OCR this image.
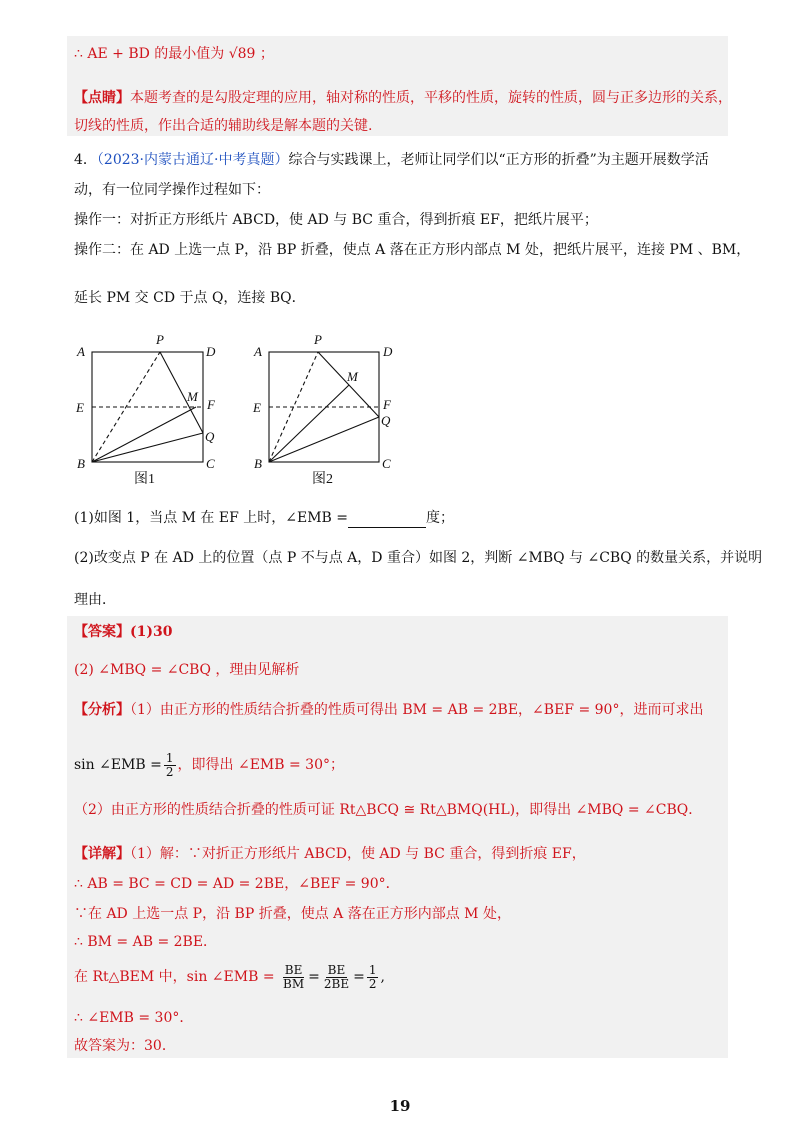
∴ AE + BD 的最小值为 √89 ；
【点睛】本题考查的是勾股定理的应用，轴对称的性质，平移的性质，旋转的性质，圆与正多边形的关系，
切线的性质，作出合适的辅助线是解本题的关键.
4．（2023·内蒙古通辽·中考真题）综合与实践课上，老师让同学们以“正方形的折叠”为主题开展数学活
动，有一位同学操作过程如下：
操作一：对折正方形纸片 ABCD，使 AD 与 BC 重合，得到折痕 EF，把纸片展平；
操作二：在 AD 上选一点 P，沿 BP 折叠，使点 A 落在正方形内部点 M 处，把纸片展平，连接 PM 、BM，
延长 PM 交 CD 于点 Q，连接 BQ．
A
P
D
E
M
F
Q
B	C
图1
A
P
D
E
M
F
Q
B	C
图2
(1)如图 1，当点 M 在 EF 上时，∠EMB =	度；
(2)改变点 P 在 AD 上的位置（点 P 不与点 A，D 重合）如图 2，判断 ∠MBQ 与 ∠CBQ 的数量关系，并说明
理由．
【答案】(1)30
(2) ∠MBQ = ∠CBQ ，理由见解析
【分析】（1）由正方形的性质结合折叠的性质可得出 BM = AB = 2BE，∠BEF = 90°，进而可求出
sin ∠EMB = $\frac{1}{2}$ ，即得出 ∠EMB = 30°；
（2）由正方形的性质结合折叠的性质可证 Rt△BCQ ≅ Rt△BMQ(HL)，即得出 ∠MBQ = ∠CBQ．
【详解】（1）解：∵对折正方形纸片 ABCD，使 AD 与 BC 重合，得到折痕 EF，
∴ AB = BC = CD = AD = 2BE，∠BEF = 90°．
∵在 AD 上选一点 P，沿 BP 折叠，使点 A 落在正方形内部点 M 处，
∴ BM = AB = 2BE．
在 Rt△BEM 中，sin ∠EMB = $\frac{BE}{BM} = \frac{BE}{2BE} = \frac{1}{2}$ ,
∴ ∠EMB = 30°．
故答案为：30．
19
